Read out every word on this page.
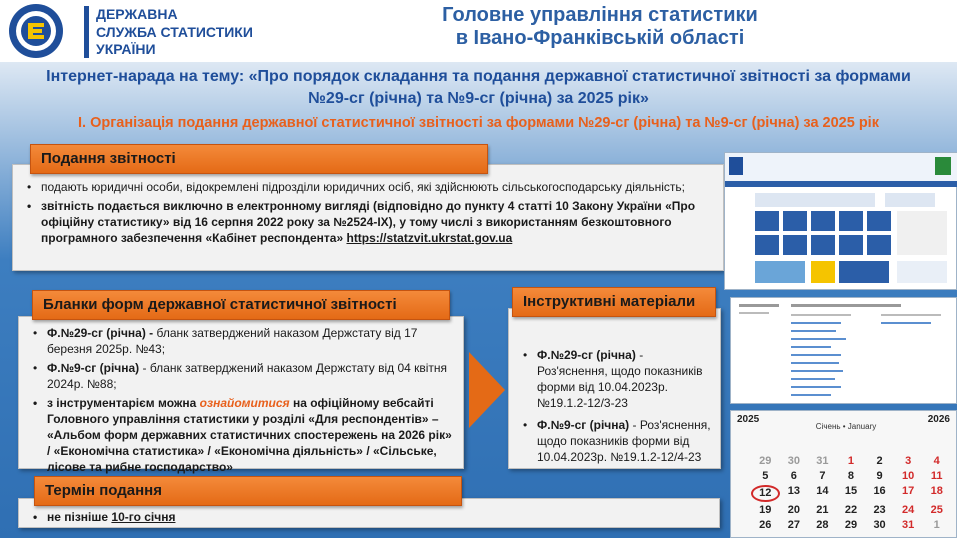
ДЕРЖАВНА
СЛУЖБА СТАТИСТИКИ
УКРАЇНИ
Головне управління статистики
в Івано-Франківській області
Інтернет-нарада на тему: «Про порядок складання та подання державної статистичної звітності за формами
№29-сг (річна) та №9-сг (річна) за 2025 рік»
І. Організація подання державної статистичної звітності за формами №29-сг (річна) та №9-сг (річна) за 2025 рік
• подають юридичні особи, відокремлені підрозділи юридичних осіб, які здійснюють сільськогосподарську діяльність;
• звітність подається виключно в електронному вигляді (відповідно до пункту 4 статті 10 Закону України «Про офіційну статистику» від 16 серпня 2022 року за №2524-ІХ), у тому числі з використанням безкоштовного програмного забезпечення «Кабінет респондента» https://statzvit.ukrstat.gov.ua
Подання звітності
• Ф.№29-сг (річна) - бланк затверджений наказом Держстату від 17 березня 2025р. №43;
• Ф.№9-сг (річна) - бланк затверджений наказом Держстату від 04 квітня 2024р. №88;
• з інструментарієм можна ознайомитися на офіційному вебсайті Головного управління статистики у розділі «Для респондентів» – «Альбом форм державних статистичних спостережень на 2026 рік» / «Економічна статистика» / «Економічна діяльність» / «Сільське, лісове та рибне господарство»
Бланки форм державної статистичної звітності
• Ф.№29-сг (річна) - Роз'яснення, щодо показників форми від 10.04.2023р. №19.1.2-12/3-23
• Ф.№9-сг (річна) - Роз'яснення, щодо показників форми від 10.04.2023р. №19.1.2-12/4-23
Інструктивні матеріали
• не пізніше 10-го січня
Термін подання
2025	2026
Січень • January
29	30	31	1	2	3	4
5	6	7	8	9	10	11
12	13	14	15	16	17	18
19	20	21	22	23	24	25
26	27	28	29	30	31	1
